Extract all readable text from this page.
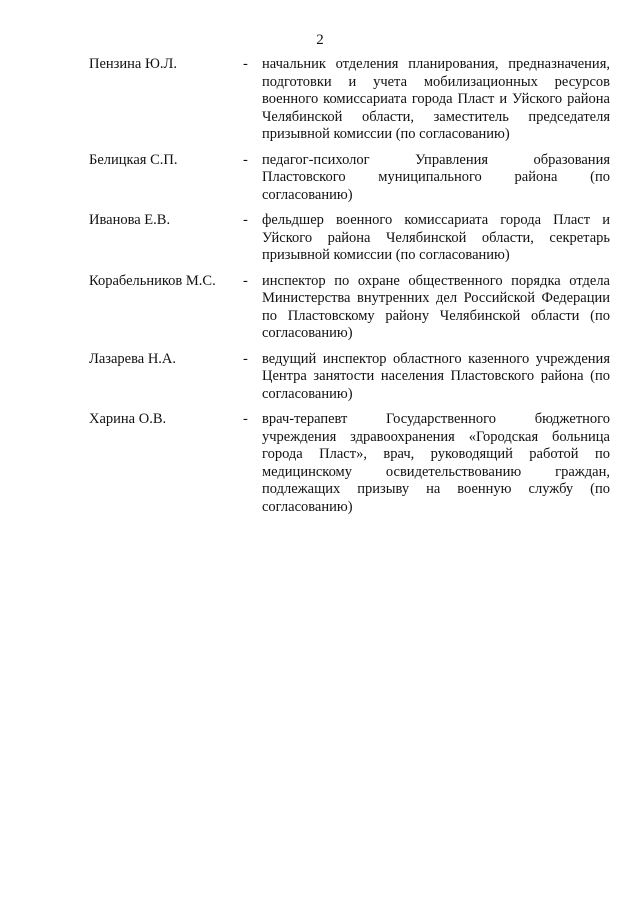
2
Пензина Ю.Л.	- начальник отделения планирования, предназначения, подготовки и учета мобилизационных ресурсов военного комиссариата города Пласт и Уйского района Челябинской области, заместитель председателя призывной комиссии (по согласованию)
Белицкая С.П.	- педагог-психолог Управления образования Пластовского муниципального района (по согласованию)
Иванова Е.В.	- фельдшер военного комиссариата города Пласт и Уйского района Челябинской области, секретарь призывной комиссии (по согласованию)
Корабельников М.С. - инспектор по охране общественного порядка отдела Министерства внутренних дел Российской Федерации по Пластовскому району Челябинской области (по согласованию)
Лазарева Н.А.	- ведущий инспектор областного казенного учреждения Центра занятости населения Пластовского района (по согласованию)
Харина О.В.	- врач-терапевт Государственного бюджетного учреждения здравоохранения «Городская больница города Пласт», врач, руководящий работой по медицинскому освидетельствованию граждан, подлежащих призыву на военную службу (по согласованию)
